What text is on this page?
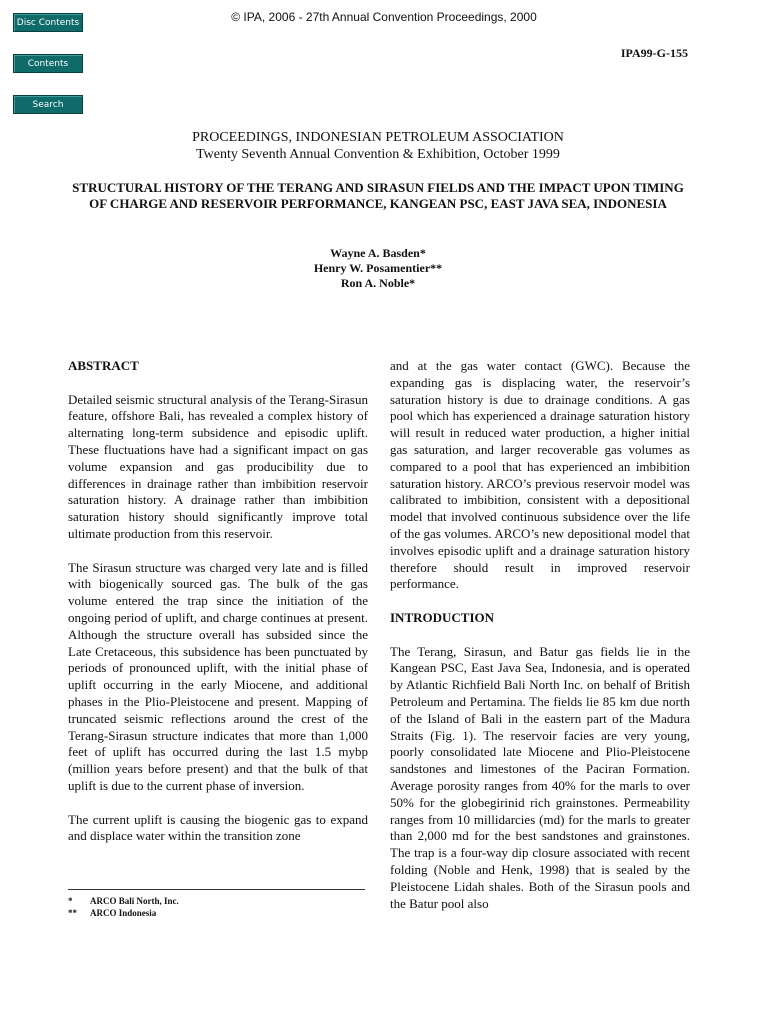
Disc Contents
Contents
Search
© IPA, 2006 - 27th Annual Convention Proceedings, 2000
IPA99-G-155
PROCEEDINGS, INDONESIAN PETROLEUM ASSOCIATION
Twenty Seventh Annual Convention & Exhibition, October 1999
STRUCTURAL HISTORY OF THE TERANG AND SIRASUN FIELDS AND THE IMPACT UPON TIMING OF CHARGE AND RESERVOIR PERFORMANCE, KANGEAN PSC, EAST JAVA SEA, INDONESIA
Wayne A. Basden*
Henry W. Posamentier**
Ron A. Noble*
ABSTRACT

Detailed seismic structural analysis of the Terang-Sirasun feature, offshore Bali, has revealed a complex history of alternating long-term subsidence and episodic uplift. These fluctuations have had a significant impact on gas volume expansion and gas producibility due to differences in drainage rather than imbibition reservoir saturation history. A drainage rather than imbibition saturation history should significantly improve total ultimate production from this reservoir.

The Sirasun structure was charged very late and is filled with biogenically sourced gas. The bulk of the gas volume entered the trap since the initiation of the ongoing period of uplift, and charge continues at present. Although the structure overall has subsided since the Late Cretaceous, this subsidence has been punctuated by periods of pronounced uplift, with the initial phase of uplift occurring in the early Miocene, and additional phases in the Plio-Pleistocene and present. Mapping of truncated seismic reflections around the crest of the Terang-Sirasun structure indicates that more than 1,000 feet of uplift has occurred during the last 1.5 mybp (million years before present) and that the bulk of that uplift is due to the current phase of inversion.

The current uplift is causing the biogenic gas to expand and displace water within the transition zone

* ARCO Bali North, Inc.
** ARCO Indonesia

and at the gas water contact (GWC). Because the expanding gas is displacing water, the reservoir’s saturation history is due to drainage conditions. A gas pool which has experienced a drainage saturation history will result in reduced water production, a higher initial gas saturation, and larger recoverable gas volumes as compared to a pool that has experienced an imbibition saturation history. ARCO’s previous reservoir model was calibrated to imbibition, consistent with a depositional model that involved continuous subsidence over the life of the gas volumes. ARCO’s new depositional model that involves episodic uplift and a drainage saturation history therefore should result in improved reservoir performance.

INTRODUCTION

The Terang, Sirasun, and Batur gas fields lie in the Kangean PSC, East Java Sea, Indonesia, and is operated by Atlantic Richfield Bali North Inc. on behalf of British Petroleum and Pertamina. The fields lie 85 km due north of the Island of Bali in the eastern part of the Madura Straits (Fig. 1). The reservoir facies are very young, poorly consolidated late Miocene and Plio-Pleistocene sandstones and limestones of the Paciran Formation. Average porosity ranges from 40% for the marls to over 50% for the globegirinid rich grainstones. Permeability ranges from 10 millidarcies (md) for the marls to greater than 2,000 md for the best sandstones and grainstones. The trap is a four-way dip closure associated with recent folding (Noble and Henk, 1998) that is sealed by the Pleistocene Lidah shales. Both of the Sirasun pools and the Batur pool also
